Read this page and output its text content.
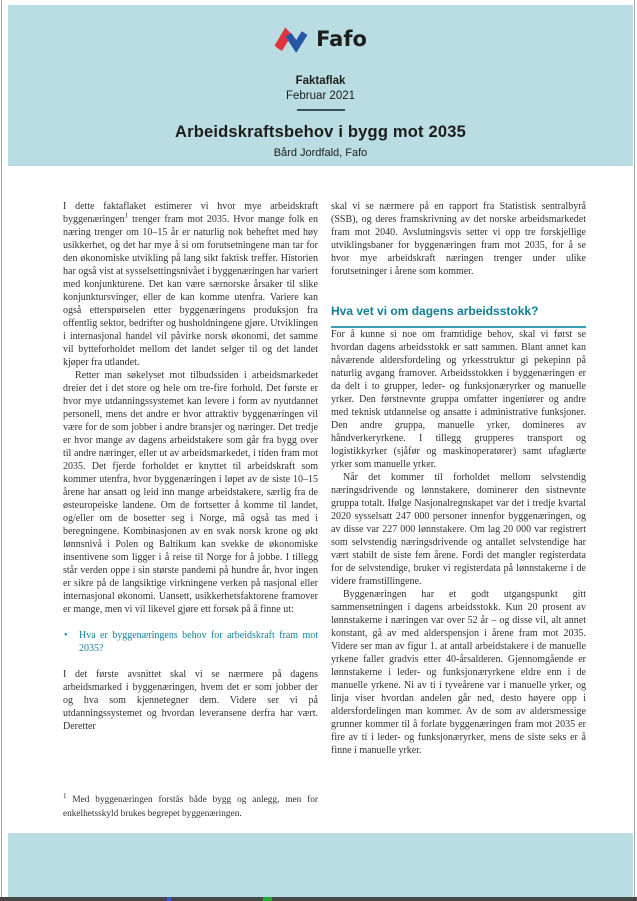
Fafo
Faktaflak
Februar 2021
Arbeidskraftsbehov i bygg mot 2035
Bård Jordfald, Fafo

I dette faktaflaket estimerer vi hvor mye arbeidskraft byggenæringen$^1$ trenger fram mot 2035. Hvor mange folk en næring trenger om 10–15 år er naturlig nok beheftet med høy usikkerhet, og det har mye å si om forutsetningene man tar for den økonomiske utvikling på lang sikt faktisk treffer. Historien har også vist at sysselsettingsnivået i byggenæringen har variert med konjunkturene. Det kan være særnorske årsaker til slike konjunktursvinger, eller de kan komme utenfra. Variere kan også etterspørselen etter byggenæringens produksjon fra offentlig sektor, bedrifter og husholdningene gjøre. Utviklingen i internasjonal handel vil påvirke norsk økonomi, det samme vil bytteforholdet mellom det landet selger til og det landet kjøper fra utlandet.

Retter man søkelyset mot tilbudssiden i arbeidsmarkedet dreier det i det store og hele om tre-fire forhold. Det første er hvor mye utdanningssystemet kan levere i form av nyutdannet personell, mens det andre er hvor attraktiv byggenæringen vil være for de som jobber i andre bransjer og næringer. Det tredje er hvor mange av dagens arbeidstakere som går fra bygg over til andre næringer, eller ut av arbeidsmarkedet, i tiden fram mot 2035. Det fjerde forholdet er knyttet til arbeidskraft som kommer utenfra, hvor byggenæringen i løpet av de siste 10–15 årene har ansatt og leid inn mange arbeidstakere, særlig fra de østeuropeiske landene. Om de fortsetter å komme til landet, og/eller om de bosetter seg i Norge, må også tas med i beregningene. Kombinasjonen av en svak norsk krone og økt lønnsnivå i Polen og Baltikum kan svekke de økonomiske insentivene som ligger i å reise til Norge for å jobbe. I tillegg står verden oppe i sin største pandemi på hundre år, hvor ingen er sikre på de langsiktige virkningene verken på nasjonal eller internasjonal økonomi. Uansett, usikkerhetsfaktorene framover er mange, men vi vil likevel gjøre ett forsøk på å finne ut:

•	Hva er byggenæringens behov for arbeidskraft fram mot 2035?

I det første avsnittet skal vi se nærmere på dagens arbeidsmarked i byggenæringen, hvem det er som jobber der og hva som kjennetegner dem. Videre ser vi på utdanningssystemet og hvordan leveransene derfra har vært. Deretter

skal vi se nærmere på en rapport fra Statistisk sentralbyrå (SSB), og deres framskrivning av det norske arbeidsmarkedet fram mot 2040. Avslutningsvis setter vi opp tre forskjellige utviklingsbaner for byggenæringen fram mot 2035, for å se hvor mye arbeidskraft næringen trenger under ulike forutsetninger i årene som kommer.

Hva vet vi om dagens arbeidsstokk?

For å kunne si noe om framtidige behov, skal vi først se hvordan dagens arbeidsstokk er satt sammen. Blant annet kan nåværende aldersfordeling og yrkesstruktur gi pekepinn på naturlig avgang framover. Arbeidsstokken i byggenæringen er da delt i to grupper, leder- og funksjonæryrker og manuelle yrker. Den førstnevnte gruppa omfatter ingeniører og andre med teknisk utdannelse og ansatte i administrative funksjoner. Den andre gruppa, manuelle yrker, domineres av håndverkeryrkene. I tillegg grupperes transport og logistikkyrker (sjåfør og maskinoperatører) samt ufaglærte yrker som manuelle yrker.

Når det kommer til forholdet mellom selvstendig næringsdrivende og lønnstakere, dominerer den sistnevnte gruppa totalt. Ifølge Nasjonalregnskapet var det i tredje kvartal 2020 sysselsatt 247 000 personer innenfor byggenæringen, og av disse var 227 000 lønnstakere. Om lag 20 000 var registrert som selvstendig næringsdrivende og antallet selvstendige har vært stabilt de siste fem årene. Fordi det mangler registerdata for de selvstendige, bruker vi registerdata på lønnstakerne i de videre framstillingene.

Byggenæringen har et godt utgangspunkt gitt sammensetningen i dagens arbeidsstokk. Kun 20 prosent av lønnstakerne i næringen var over 52 år – og disse vil, alt annet konstant, gå av med alderspensjon i årene fram mot 2035. Videre ser man av figur 1. at antall arbeidstakere i de manuelle yrkene faller gradvis etter 40-årsalderen. Gjennomgående er lønnstakerne i leder- og funksjonæryrkene eldre enn i de manuelle yrkene. Ni av ti i tyveårene var i manuelle yrker, og linja viser hvordan andelen går ned, desto høyere opp i aldersfordelingen man kommer. Av de som av aldersmessige grunner kommer til å forlate byggenæringen fram mot 2035 er fire av ti i leder- og funksjonæryrker, mens de siste seks er å finne i manuelle yrker.

$^1$ Med byggenæringen forstås både bygg og anlegg, men for enkelhetsskyld brukes begrepet byggenæringen.
